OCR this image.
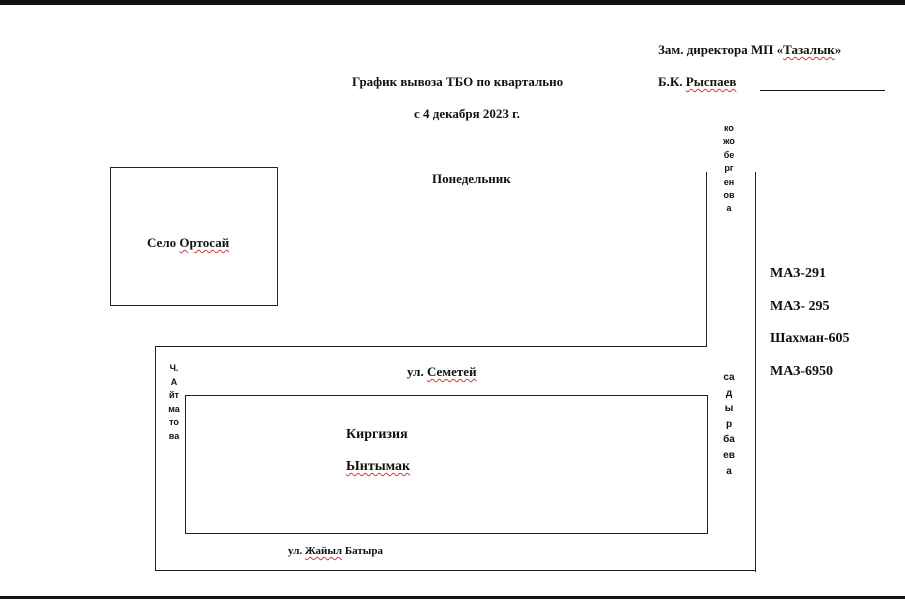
Зам. директора МП «Тазалык»
Б.К. Рыспаев
График вывоза ТБО по квартально
с 4 декабря 2023 г.
Понедельник
Село Ортосай
ул. Семетей
ул. Жайыл Батыра
Ч.Айтматова
кожобергенова
садырбаева
Киргизия
Ынтымак
МАЗ-291
МАЗ- 295
Шахман-605
МАЗ-6950
